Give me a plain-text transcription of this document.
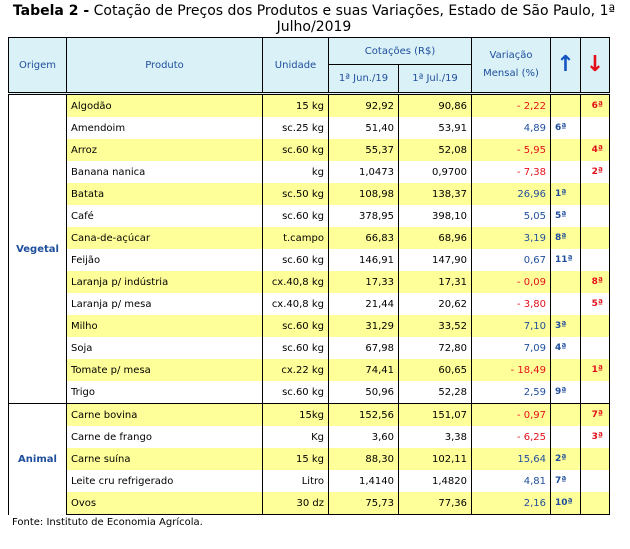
Tabela 2 - Cotação de Preços dos Produtos e suas Variações, Estado de São Paulo, 1ª Julho/2019
Origem	Produto	Unidade	Cotações (R$)		Variação
Mensal (%)	↑	↓
			1ª Jun./19	1ª Jul./19			
Vegetal	Algodão	15 kg	92,92	90,86	- 2,22		6ª
	Amendoim	sc.25 kg	51,40	53,91	4,89	6ª	
	Arroz	sc.60 kg	55,37	52,08	- 5,95		4ª
	Banana nanica	kg	1,0473	0,9700	- 7,38		2ª
	Batata	sc.50 kg	108,98	138,37	26,96	1ª	
	Café	sc.60 kg	378,95	398,10	5,05	5ª	
	Cana-de-açúcar	t.campo	66,83	68,96	3,19	8ª	
	Feijão	sc.60 kg	146,91	147,90	0,67	11ª	
	Laranja p/ indústria	cx.40,8 kg	17,33	17,31	- 0,09		8ª
	Laranja p/ mesa	cx.40,8 kg	21,44	20,62	- 3,80		5ª
	Milho	sc.60 kg	31,29	33,52	7,10	3ª	
	Soja	sc.60 kg	67,98	72,80	7,09	4ª	
	Tomate p/ mesa	cx.22 kg	74,41	60,65	- 18,49		1ª
	Trigo	sc.60 kg	50,96	52,28	2,59	9ª	
Animal	Carne bovina	15kg	152,56	151,07	- 0,97		7ª
	Carne de frango	Kg	3,60	3,38	- 6,25		3ª
	Carne suína	15 kg	88,30	102,11	15,64	2ª	
	Leite cru refrigerado	Litro	1,4140	1,4820	4,81	7ª	
	Ovos	30 dz	75,73	77,36	2,16	10ª	
Fonte: Instituto de Economia Agrícola.
